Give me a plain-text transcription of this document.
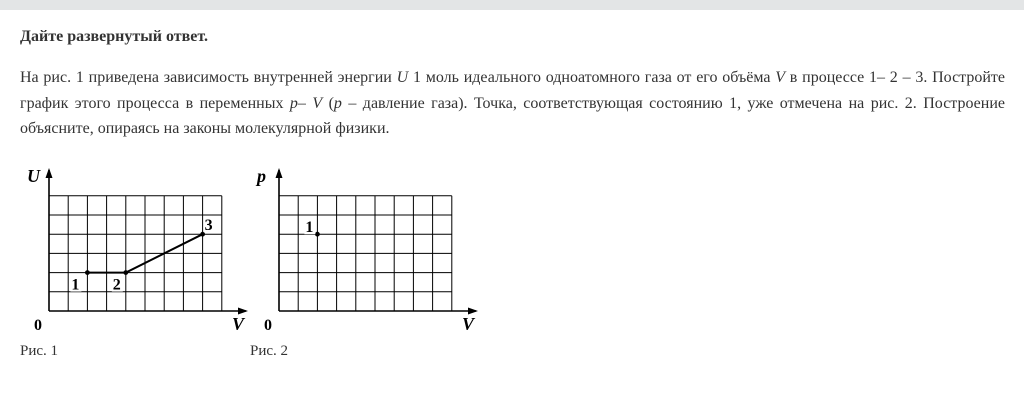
Дайте развернутый ответ.
На рис. 1 приведена зависимость внутренней энергии U 1 моль идеального одноатомного газа от его объёма V в процессе 1– 2 – 3. Постройте график этого процесса в переменных p– V (p – давление газа). Точка, соответствующая состоянию 1, уже отмечена на рис. 2. Построение объясните, опираясь на законы молекулярной физики.
U
V
0
1 2
3
Рис. 1
p
V
0
1
Рис. 2
